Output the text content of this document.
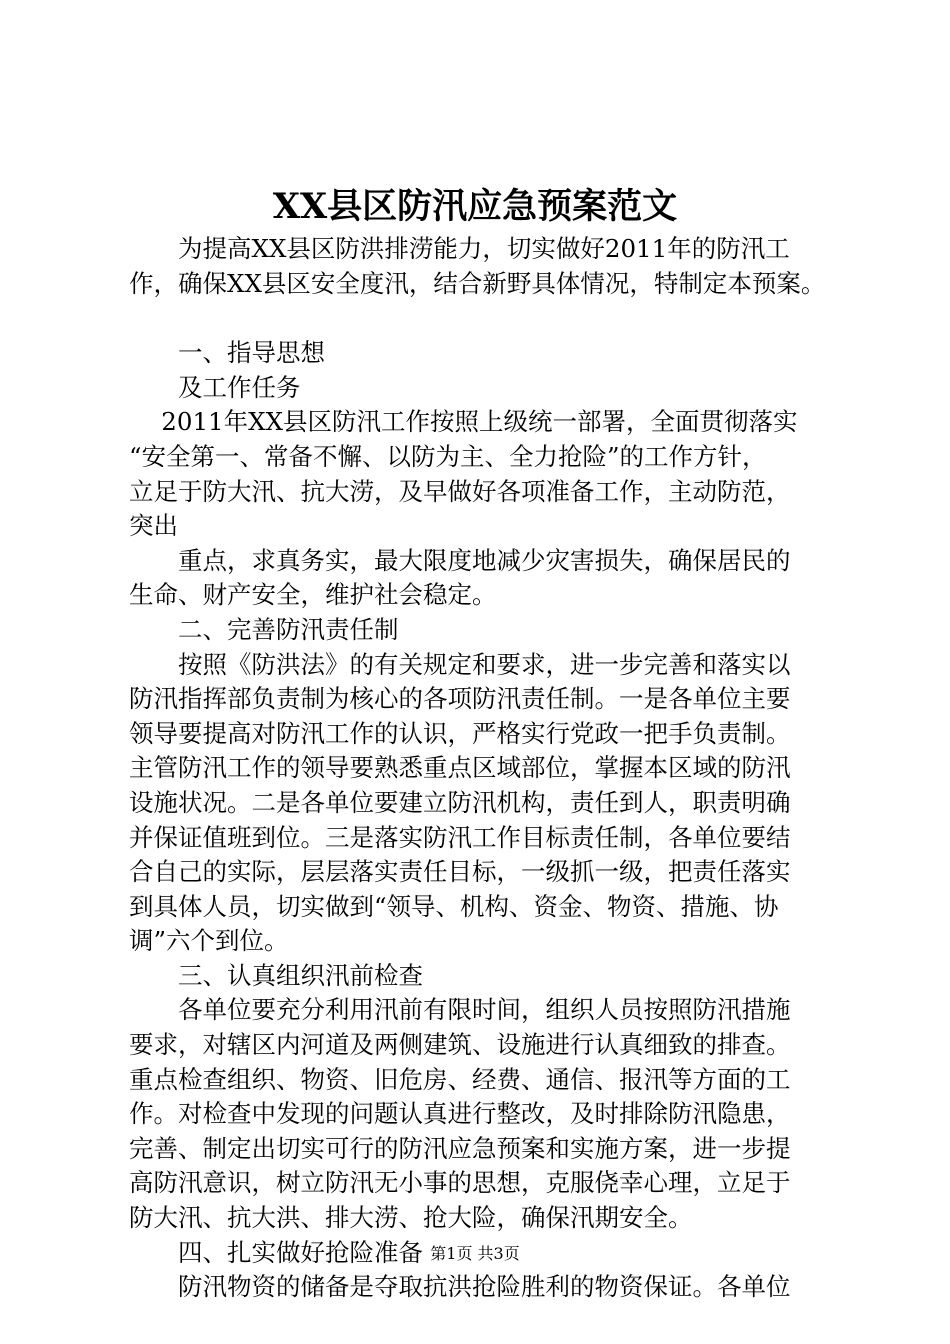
XX县区防汛应急预案范文

　　为提高XX县区防洪排涝能力，切实做好2011年的防汛工

作，确保XX县区安全度汛，结合新野具体情况，特制定本预案。

　　一、指导思想

　　及工作任务

　 2011年XX县区防汛工作按照上级统一部署，全面贯彻落实

“安全第一、常备不懈、以防为主、全力抢险”的工作方针，

立足于防大汛、抗大涝，及早做好各项准备工作，主动防范，

突出

　　重点，求真务实，最大限度地减少灾害损失，确保居民的

生命、财产安全，维护社会稳定。

　　二、完善防汛责任制

　　按照《防洪法》的有关规定和要求，进一步完善和落实以

防汛指挥部负责制为核心的各项防汛责任制。一是各单位主要

领导要提高对防汛工作的认识，严格实行党政一把手负责制。

主管防汛工作的领导要熟悉重点区域部位，掌握本区域的防汛

设施状况。二是各单位要建立防汛机构，责任到人，职责明确

并保证值班到位。三是落实防汛工作目标责任制，各单位要结

合自己的实际，层层落实责任目标，一级抓一级，把责任落实

到具体人员，切实做到“领导、机构、资金、物资、措施、协

调”六个到位。

　　三、认真组织汛前检查

　　各单位要充分利用汛前有限时间，组织人员按照防汛措施

要求，对辖区内河道及两侧建筑、设施进行认真细致的排查。

重点检查组织、物资、旧危房、经费、通信、报汛等方面的工

作。对检查中发现的问题认真进行整改，及时排除防汛隐患，

完善、制定出切实可行的防汛应急预案和实施方案，进一步提

高防汛意识，树立防汛无小事的思想，克服侥幸心理，立足于

防大汛、抗大洪、排大涝、抢大险，确保汛期安全。

　　四、扎实做好抢险准备

　　防汛物资的储备是夺取抗洪抢险胜利的物资保证。各单位

第1页 共3页
